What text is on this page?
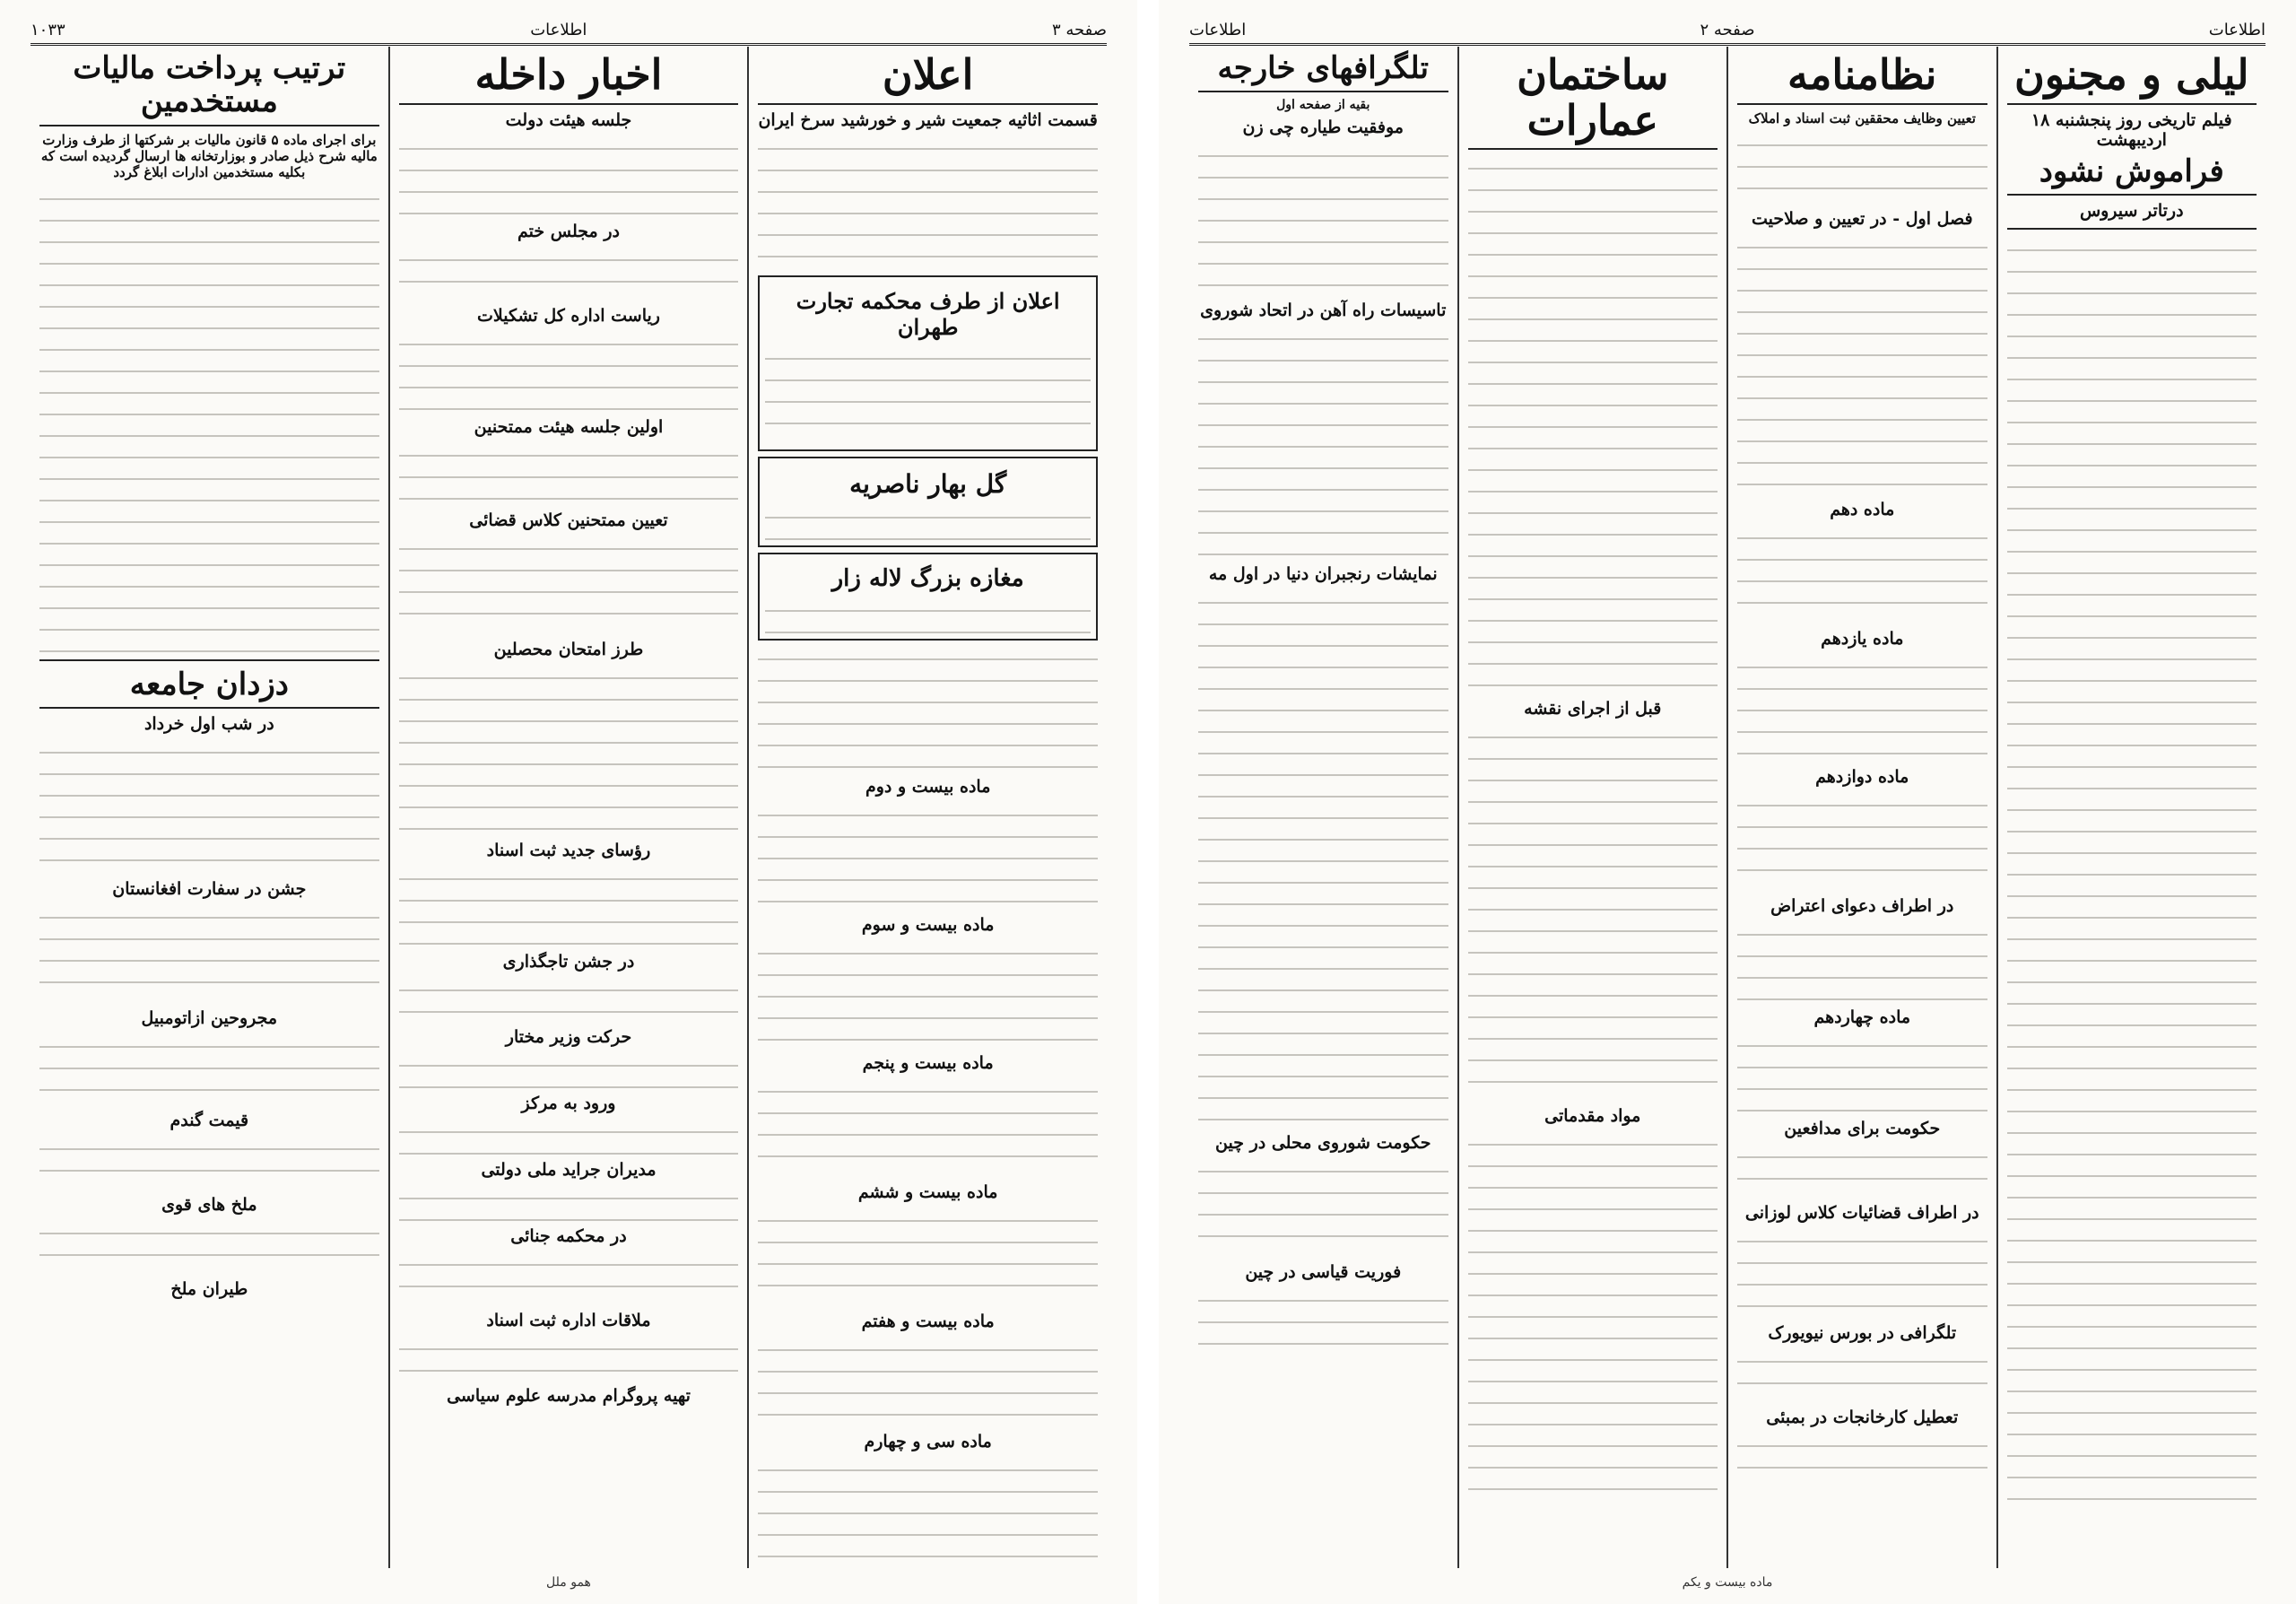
صفحه ۳
اطلاعات
۱۰۳۳
اعلان
قسمت اثاثیه جمعیت شیر و خورشید سرخ ایران
اعلان از طرف محکمه تجارت طهران
گل بهار ناصریه
مغازه بزرگ لاله زار
ماده بیست و دوم
ماده بیست و سوم
ماده بیست و پنجم
ماده بیست و ششم
ماده بیست و هفتم
ماده سی و چهارم
اخبار داخله
جلسه هیئت دولت
در مجلس ختم
ریاست اداره کل تشکیلات
اولین جلسه هیئت ممتحنین
تعیین ممتحنین کلاس قضائی
طرز امتحان محصلین
رؤسای جدید ثبت اسناد
در جشن تاجگذاری
حرکت وزیر مختار
ورود به مرکز
مدیران جراید ملی دولتی
در محکمه جنائی
ملاقات اداره ثبت اسناد
تهیه پروگرام مدرسه علوم سیاسی
ترتیب پرداخت مالیات مستخدمین
برای اجرای ماده ۵ قانون مالیات بر شرکتها از طرف وزارت مالیه شرح ذیل صادر و بوزارتخانه ها ارسال گردیده است که بکلیه مستخدمین ادارات ابلاغ گردد
دزدان جامعه
در شب اول خرداد
جشن در سفارت افغانستان
مجروحین ازاتومبیل
قیمت گندم
ملخ های قوی
طیران ملخ
همو ملل
اطلاعات
صفحه ۲
اطلاعات
لیلی و مجنون
فیلم تاریخی روز پنجشنبه ۱۸ اردیبهشت
فراموش نشود
درتاتر سیروس
نظامنامه
تعیین وظایف محققین ثبت اسناد و املاک
فصل اول - در تعیین و صلاحیت
ماده دهم
ماده یازدهم
ماده دوازدهم
در اطراف دعوای اعتراض
ماده چهاردهم
حکومت برای مدافعین
در اطراف قضائیات کلاس لوزانی
تلگرافی در بورس نیویورک
تعطیل کارخانجات در بمبئی
ساختمان عمارات
قبل از اجرای نقشه
مواد مقدماتی
تلگرافهای خارجه
بقیه از صفحه اول
موفقیت طیاره چی زن
تاسیسات راه آهن در اتحاد شوروی
نمایشات رنجبران دنیا در اول مه
حکومت شوروی محلی در چین
فوریت قیاسی در چین
ماده بیست و یکم
